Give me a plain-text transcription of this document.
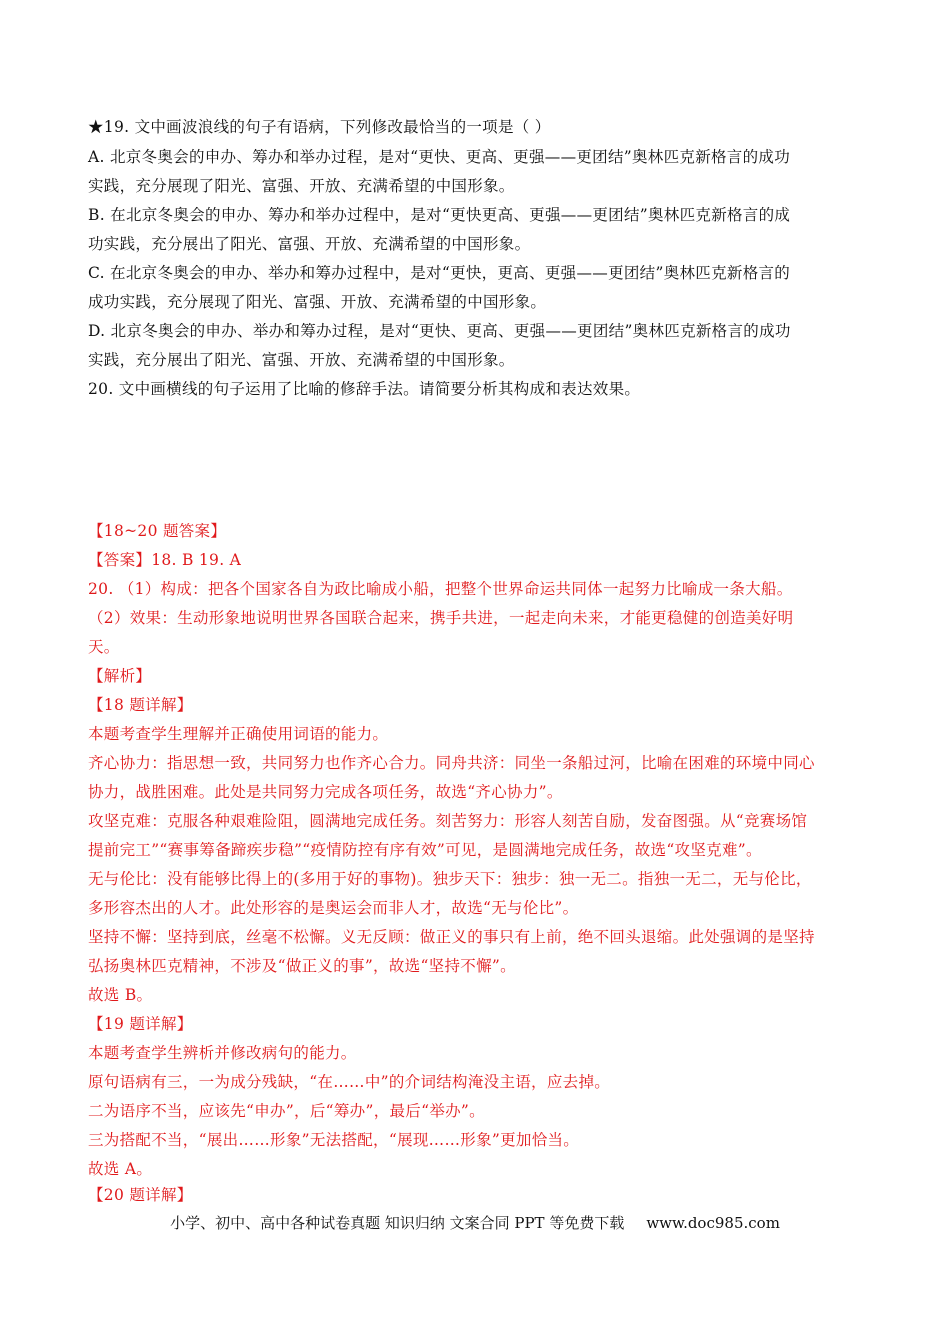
★19. 文中画波浪线的句子有语病，下列修改最恰当的一项是（ ）
A. 北京冬奥会的申办、筹办和举办过程，是对“更快、更高、更强——更团结”奥林匹克新格言的成功
实践，充分展现了阳光、富强、开放、充满希望的中国形象。
B. 在北京冬奥会的申办、筹办和举办过程中，是对“更快更高、更强——更团结”奥林匹克新格言的成
功实践，充分展出了阳光、富强、开放、充满希望的中国形象。
C. 在北京冬奥会的申办、举办和筹办过程中，是对“更快，更高、更强——更团结”奥林匹克新格言的
成功实践，充分展现了阳光、富强、开放、充满希望的中国形象。
D. 北京冬奥会的申办、举办和筹办过程，是对“更快、更高、更强——更团结”奥林匹克新格言的成功
实践，充分展出了阳光、富强、开放、充满希望的中国形象。
20. 文中画横线的句子运用了比喻的修辞手法。请简要分析其构成和表达效果。
【18~20 题答案】
【答案】18. B 19. A
20. （1）构成：把各个国家各自为政比喻成小船，把整个世界命运共同体一起努力比喻成一条大船。
（2）效果：生动形象地说明世界各国联合起来，携手共进，一起走向未来，才能更稳健的创造美好明
天。
【解析】
【18 题详解】
本题考查学生理解并正确使用词语的能力。
齐心协力：指思想一致，共同努力也作齐心合力。同舟共济：同坐一条船过河，比喻在困难的环境中同心
协力，战胜困难。此处是共同努力完成各项任务，故选“齐心协力”。
攻坚克难：克服各种艰难险阻，圆满地完成任务。刻苦努力：形容人刻苦自励，发奋图强。从“竞赛场馆
提前完工”“赛事筹备蹄疾步稳”“疫情防控有序有效”可见，是圆满地完成任务，故选“攻坚克难”。
无与伦比：没有能够比得上的(多用于好的事物)。独步天下：独步：独一无二。指独一无二，无与伦比，
多形容杰出的人才。此处形容的是奥运会而非人才，故选“无与伦比”。
坚持不懈：坚持到底，丝毫不松懈。义无反顾：做正义的事只有上前，绝不回头退缩。此处强调的是坚持
弘扬奥林匹克精神，不涉及“做正义的事”，故选“坚持不懈”。
故选 B。
【19 题详解】
本题考查学生辨析并修改病句的能力。
原句语病有三，一为成分残缺，“在……中”的介词结构淹没主语，应去掉。
二为语序不当，应该先“申办”，后“筹办”，最后“举办”。
三为搭配不当，“展出……形象”无法搭配，“展现……形象”更加恰当。
故选 A。
【20 题详解】
小学、初中、高中各种试卷真题 知识归纳 文案合同 PPT 等免费下载 www.doc985.com
